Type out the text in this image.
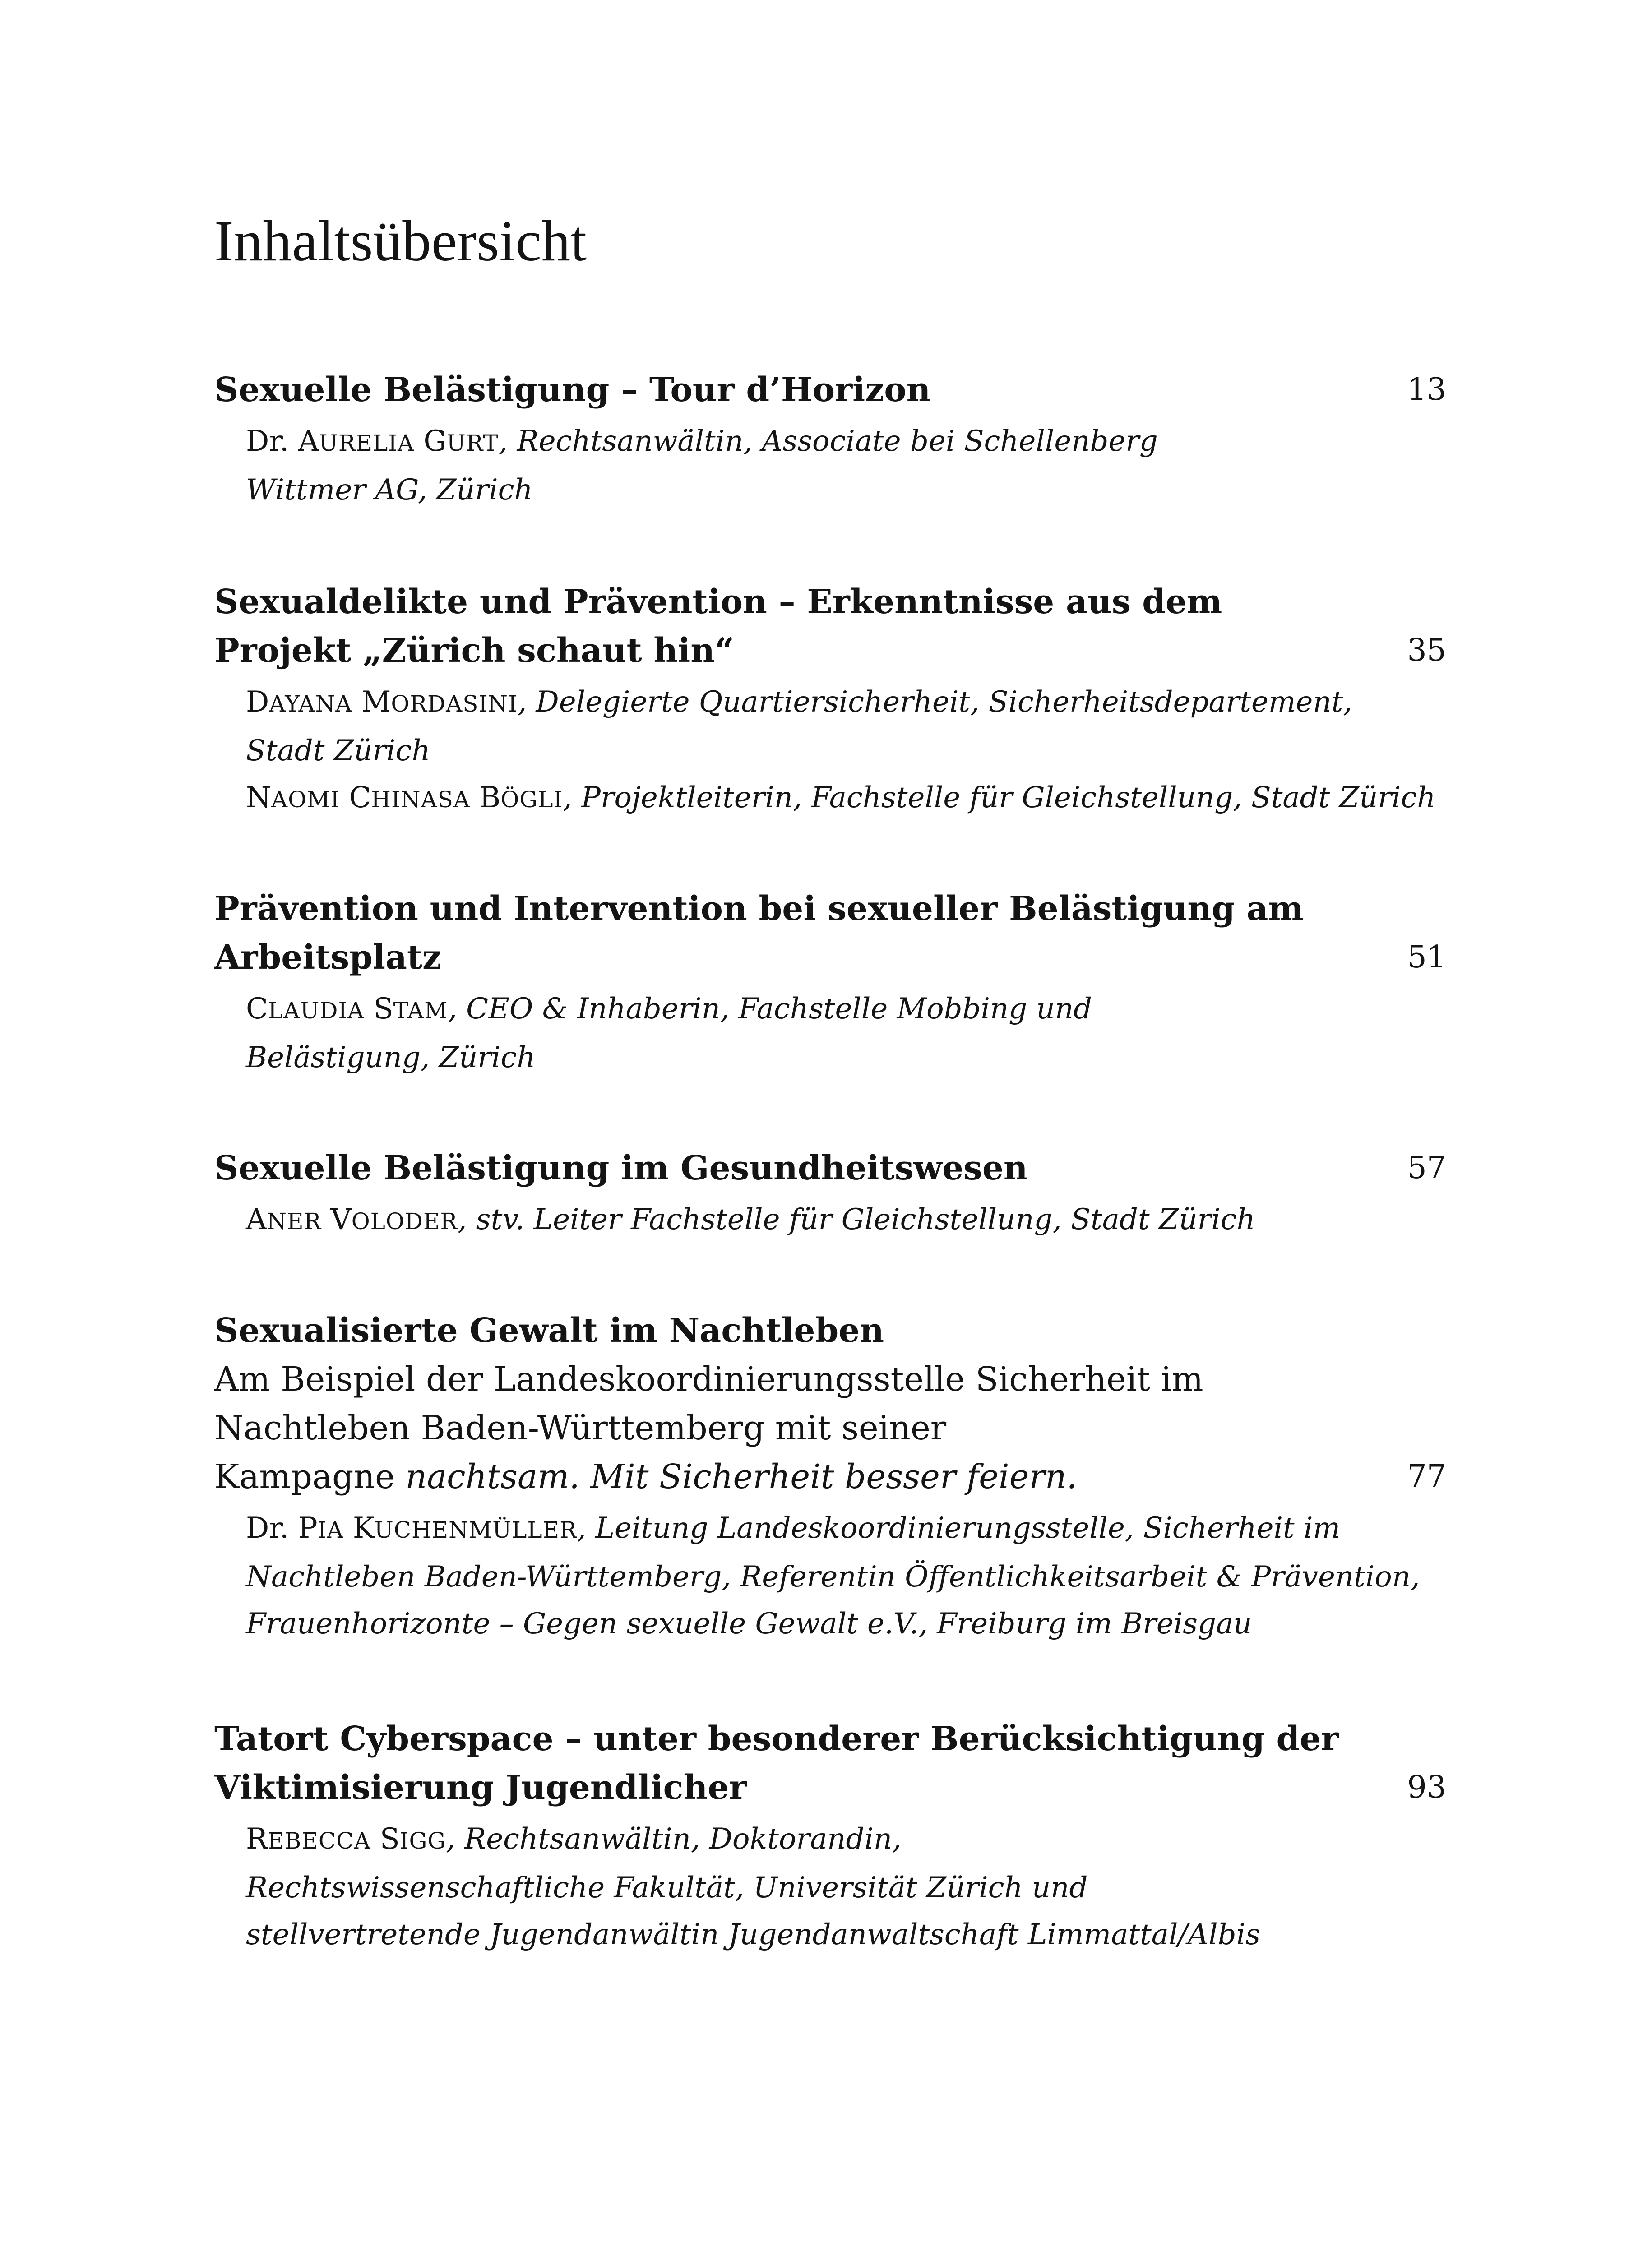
Inhaltsübersicht
Sexuelle Belästigung – Tour d’Horizon	13
Dr. AURELIA GURT, Rechtsanwältin, Associate bei Schellenberg
Wittmer AG, Zürich
Sexualdelikte und Prävention – Erkenntnisse aus dem
Projekt „Zürich schaut hin“	35
DAYANA MORDASINI, Delegierte Quartiersicherheit, Sicherheitsdepartement,
Stadt Zürich
NAOMI CHINASA BÖGLI, Projektleiterin, Fachstelle für Gleichstellung, Stadt Zürich
Prävention und Intervention bei sexueller Belästigung am
Arbeitsplatz	51
CLAUDIA STAM, CEO & Inhaberin, Fachstelle Mobbing und
Belästigung, Zürich
Sexuelle Belästigung im Gesundheitswesen	57
ANER VOLODER, stv. Leiter Fachstelle für Gleichstellung, Stadt Zürich
Sexualisierte Gewalt im Nachtleben
Am Beispiel der Landeskoordinierungsstelle Sicherheit im
Nachtleben Baden-Württemberg mit seiner
Kampagne nachtsam. Mit Sicherheit besser feiern.	77
Dr. PIA KUCHENMÜLLER, Leitung Landeskoordinierungsstelle, Sicherheit im
Nachtleben Baden-Württemberg, Referentin Öffentlichkeitsarbeit & Prävention,
Frauenhorizonte – Gegen sexuelle Gewalt e.V., Freiburg im Breisgau
Tatort Cyberspace – unter besonderer Berücksichtigung der
Viktimisierung Jugendlicher	93
REBECCA SIGG, Rechtsanwältin, Doktorandin,
Rechtswissenschaftliche Fakultät, Universität Zürich und
stellvertretende Jugendanwältin Jugendanwaltschaft Limmattal/Albis
